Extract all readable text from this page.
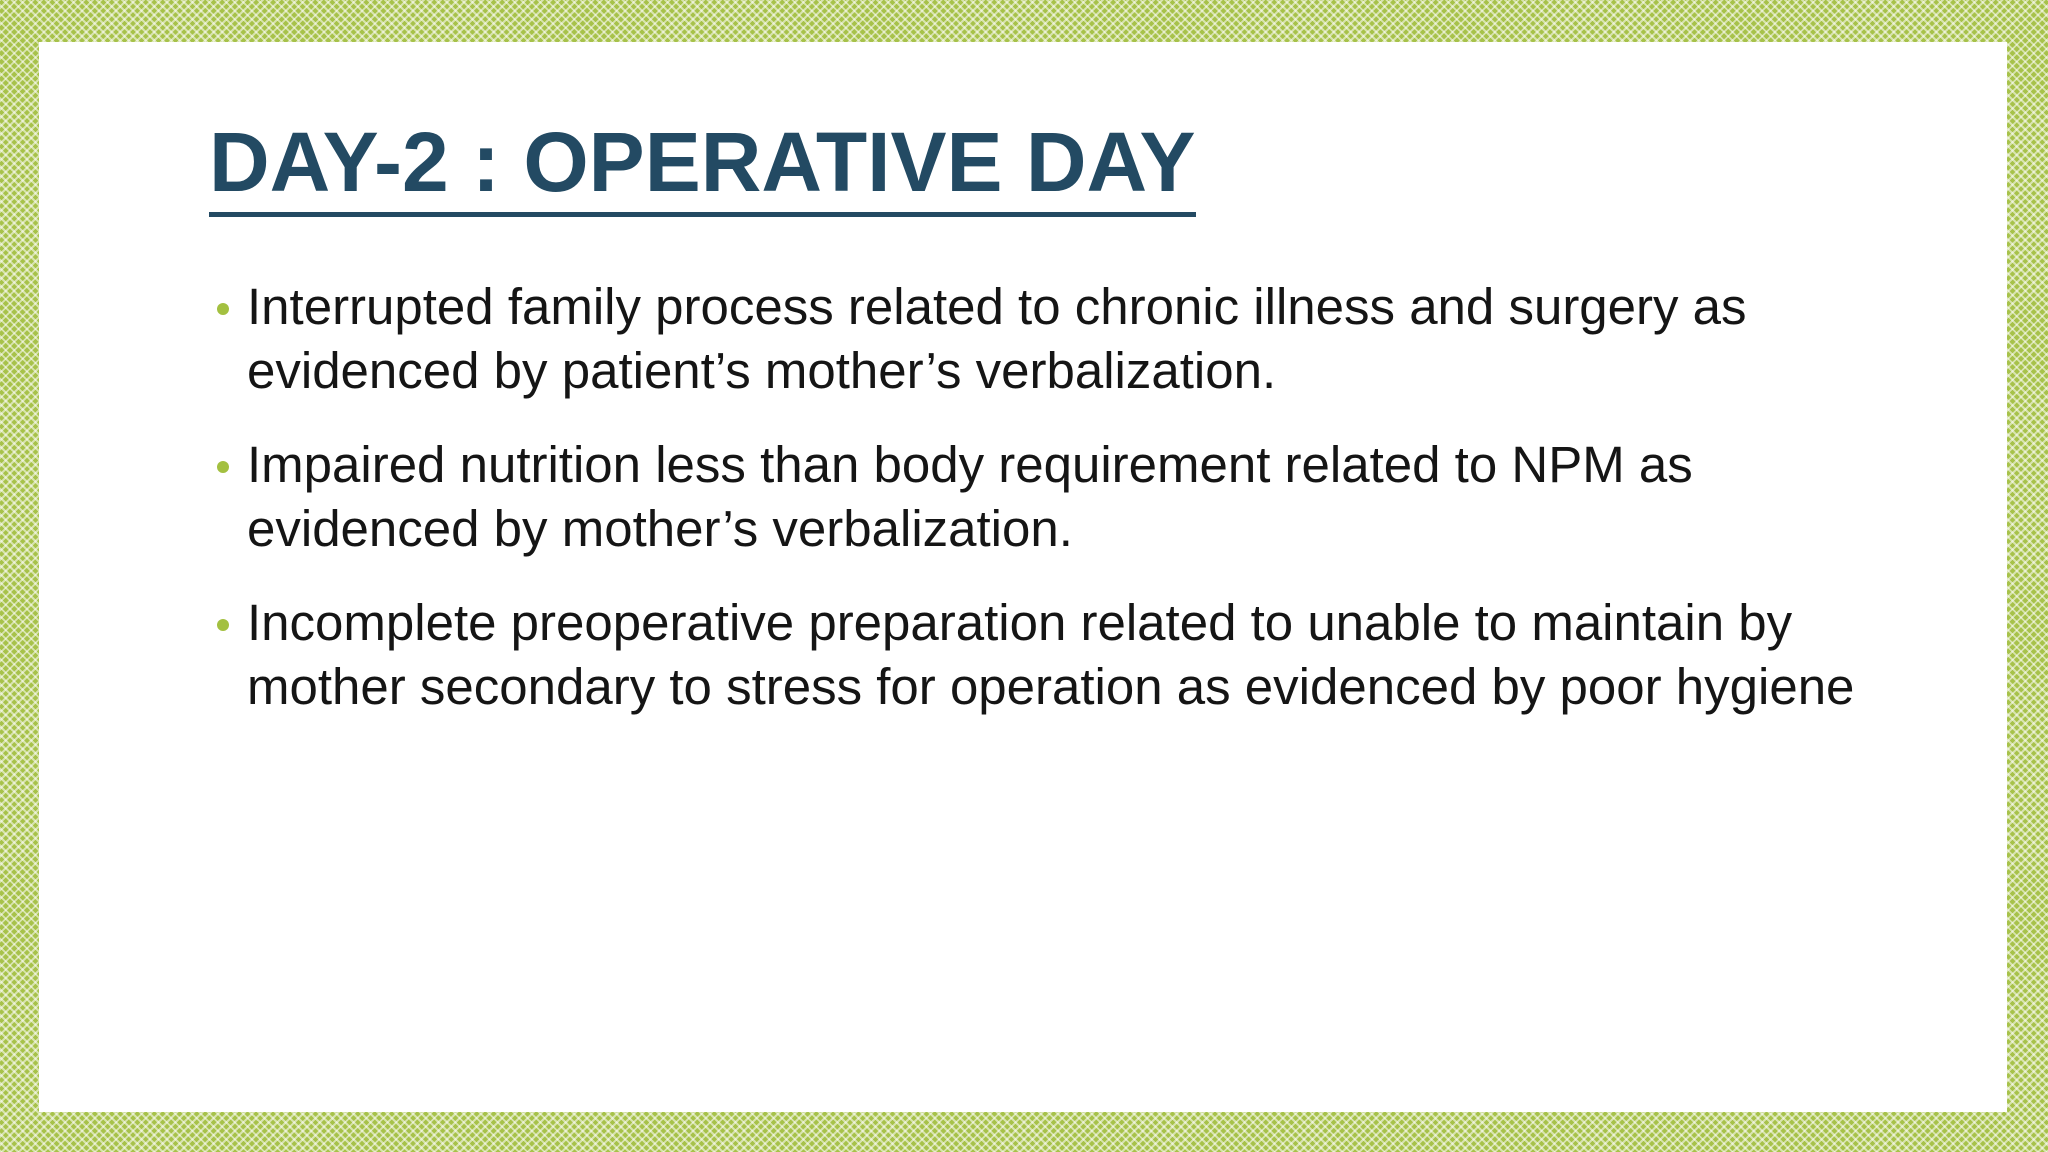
DAY-2 : OPERATIVE DAY
Interrupted family process related to chronic illness and surgery as evidenced by patient’s mother’s verbalization.
Impaired nutrition less than body requirement related to NPM as evidenced by mother’s verbalization.
Incomplete preoperative preparation related to unable to maintain by mother secondary to stress for operation as evidenced by poor hygiene
